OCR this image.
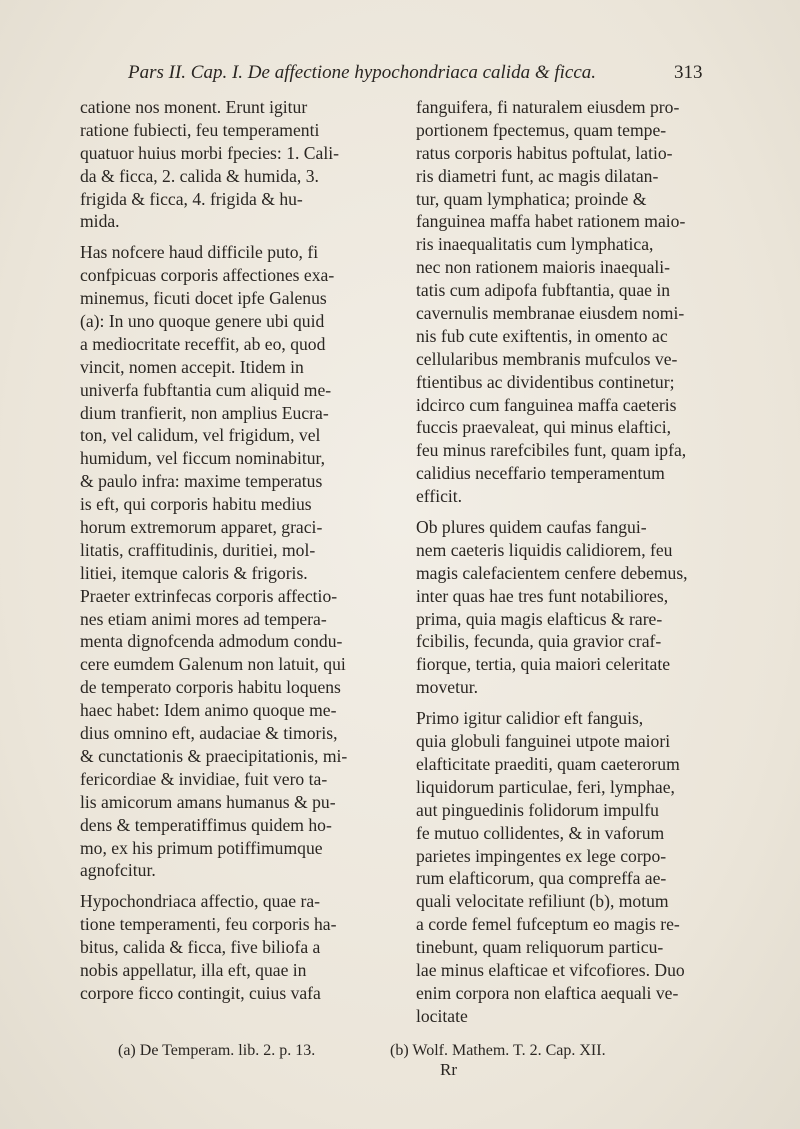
Pars II. Cap. I. De affectione hypochondriaca calida & ficca.	313
catione nos monent. Erunt igitur
ratione fubiecti, feu temperamenti
quatuor huius morbi fpecies: 1. Cali-
da & ficca, 2. calida & humida, 3.
frigida & ficca, 4. frigida & hu-
mida.
Has nofcere haud difficile puto, fi
confpicuas corporis affectiones exa-
minemus, ficuti docet ipfe Galenus
(a): In uno quoque genere ubi quid
a mediocritate receffit, ab eo, quod
vincit, nomen accepit. Itidem in
univerfa fubftantia cum aliquid me-
dium tranfierit, non amplius Eucra-
ton, vel calidum, vel frigidum, vel
humidum, vel ficcum nominabitur,
& paulo infra: maxime temperatus
is eft, qui corporis habitu medius
horum extremorum apparet, graci-
litatis, craffitudinis, duritiei, mol-
litiei, itemque caloris & frigoris.
Praeter extrinfecas corporis affectio-
nes etiam animi mores ad tempera-
menta dignofcenda admodum condu-
cere eumdem Galenum non latuit, qui
de temperato corporis habitu loquens
haec habet: Idem animo quoque me-
dius omnino eft, audaciae & timoris,
& cunctationis & praecipitationis, mi-
fericordiae & invidiae, fuit vero ta-
lis amicorum amans humanus & pu-
dens & temperatiffimus quidem ho-
mo, ex his primum potiffimumque
agnofcitur.
Hypochondriaca affectio, quae ra-
tione temperamenti, feu corporis ha-
bitus, calida & ficca, five biliofa a
nobis appellatur, illa eft, quae in
corpore ficco contingit, cuius vafa
fanguifera, fi naturalem eiusdem pro-
portionem fpectemus, quam tempe-
ratus corporis habitus poftulat, latio-
ris diametri funt, ac magis dilatan-
tur, quam lymphatica; proinde &
fanguinea maffa habet rationem maio-
ris inaequalitatis cum lymphatica,
nec non rationem maioris inaequali-
tatis cum adipofa fubftantia, quae in
cavernulis membranae eiusdem nomi-
nis fub cute exiftentis, in omento ac
cellularibus membranis mufculos ve-
ftientibus ac dividentibus continetur;
idcirco cum fanguinea maffa caeteris
fuccis praevaleat, qui minus elaftici,
feu minus rarefcibiles funt, quam ipfa,
calidius neceffario temperamentum
efficit.
Ob plures quidem caufas fangui-
nem caeteris liquidis calidiorem, feu
magis calefacientem cenfere debemus,
inter quas hae tres funt notabiliores,
prima, quia magis elafticus & rare-
fcibilis, fecunda, quia gravior craf-
fiorque, tertia, quia maiori celeritate
movetur.
Primo igitur calidior eft fanguis,
quia globuli fanguinei utpote maiori
elafticitate praediti, quam caeterorum
liquidorum particulae, feri, lymphae,
aut pinguedinis folidorum impulfu
fe mutuo collidentes, & in vaforum
parietes impingentes ex lege corpo-
rum elafticorum, qua compreffa ae-
quali velocitate refiliunt (b), motum
a corde femel fufceptum eo magis re-
tinebunt, quam reliquorum particu-
lae minus elafticae et vifcofiores. Duo
enim corpora non elaftica aequali ve-
locitate
(a) De Temperam. lib. 2. p. 13.	(b) Wolf. Mathem. T. 2. Cap. XII.
Rr
